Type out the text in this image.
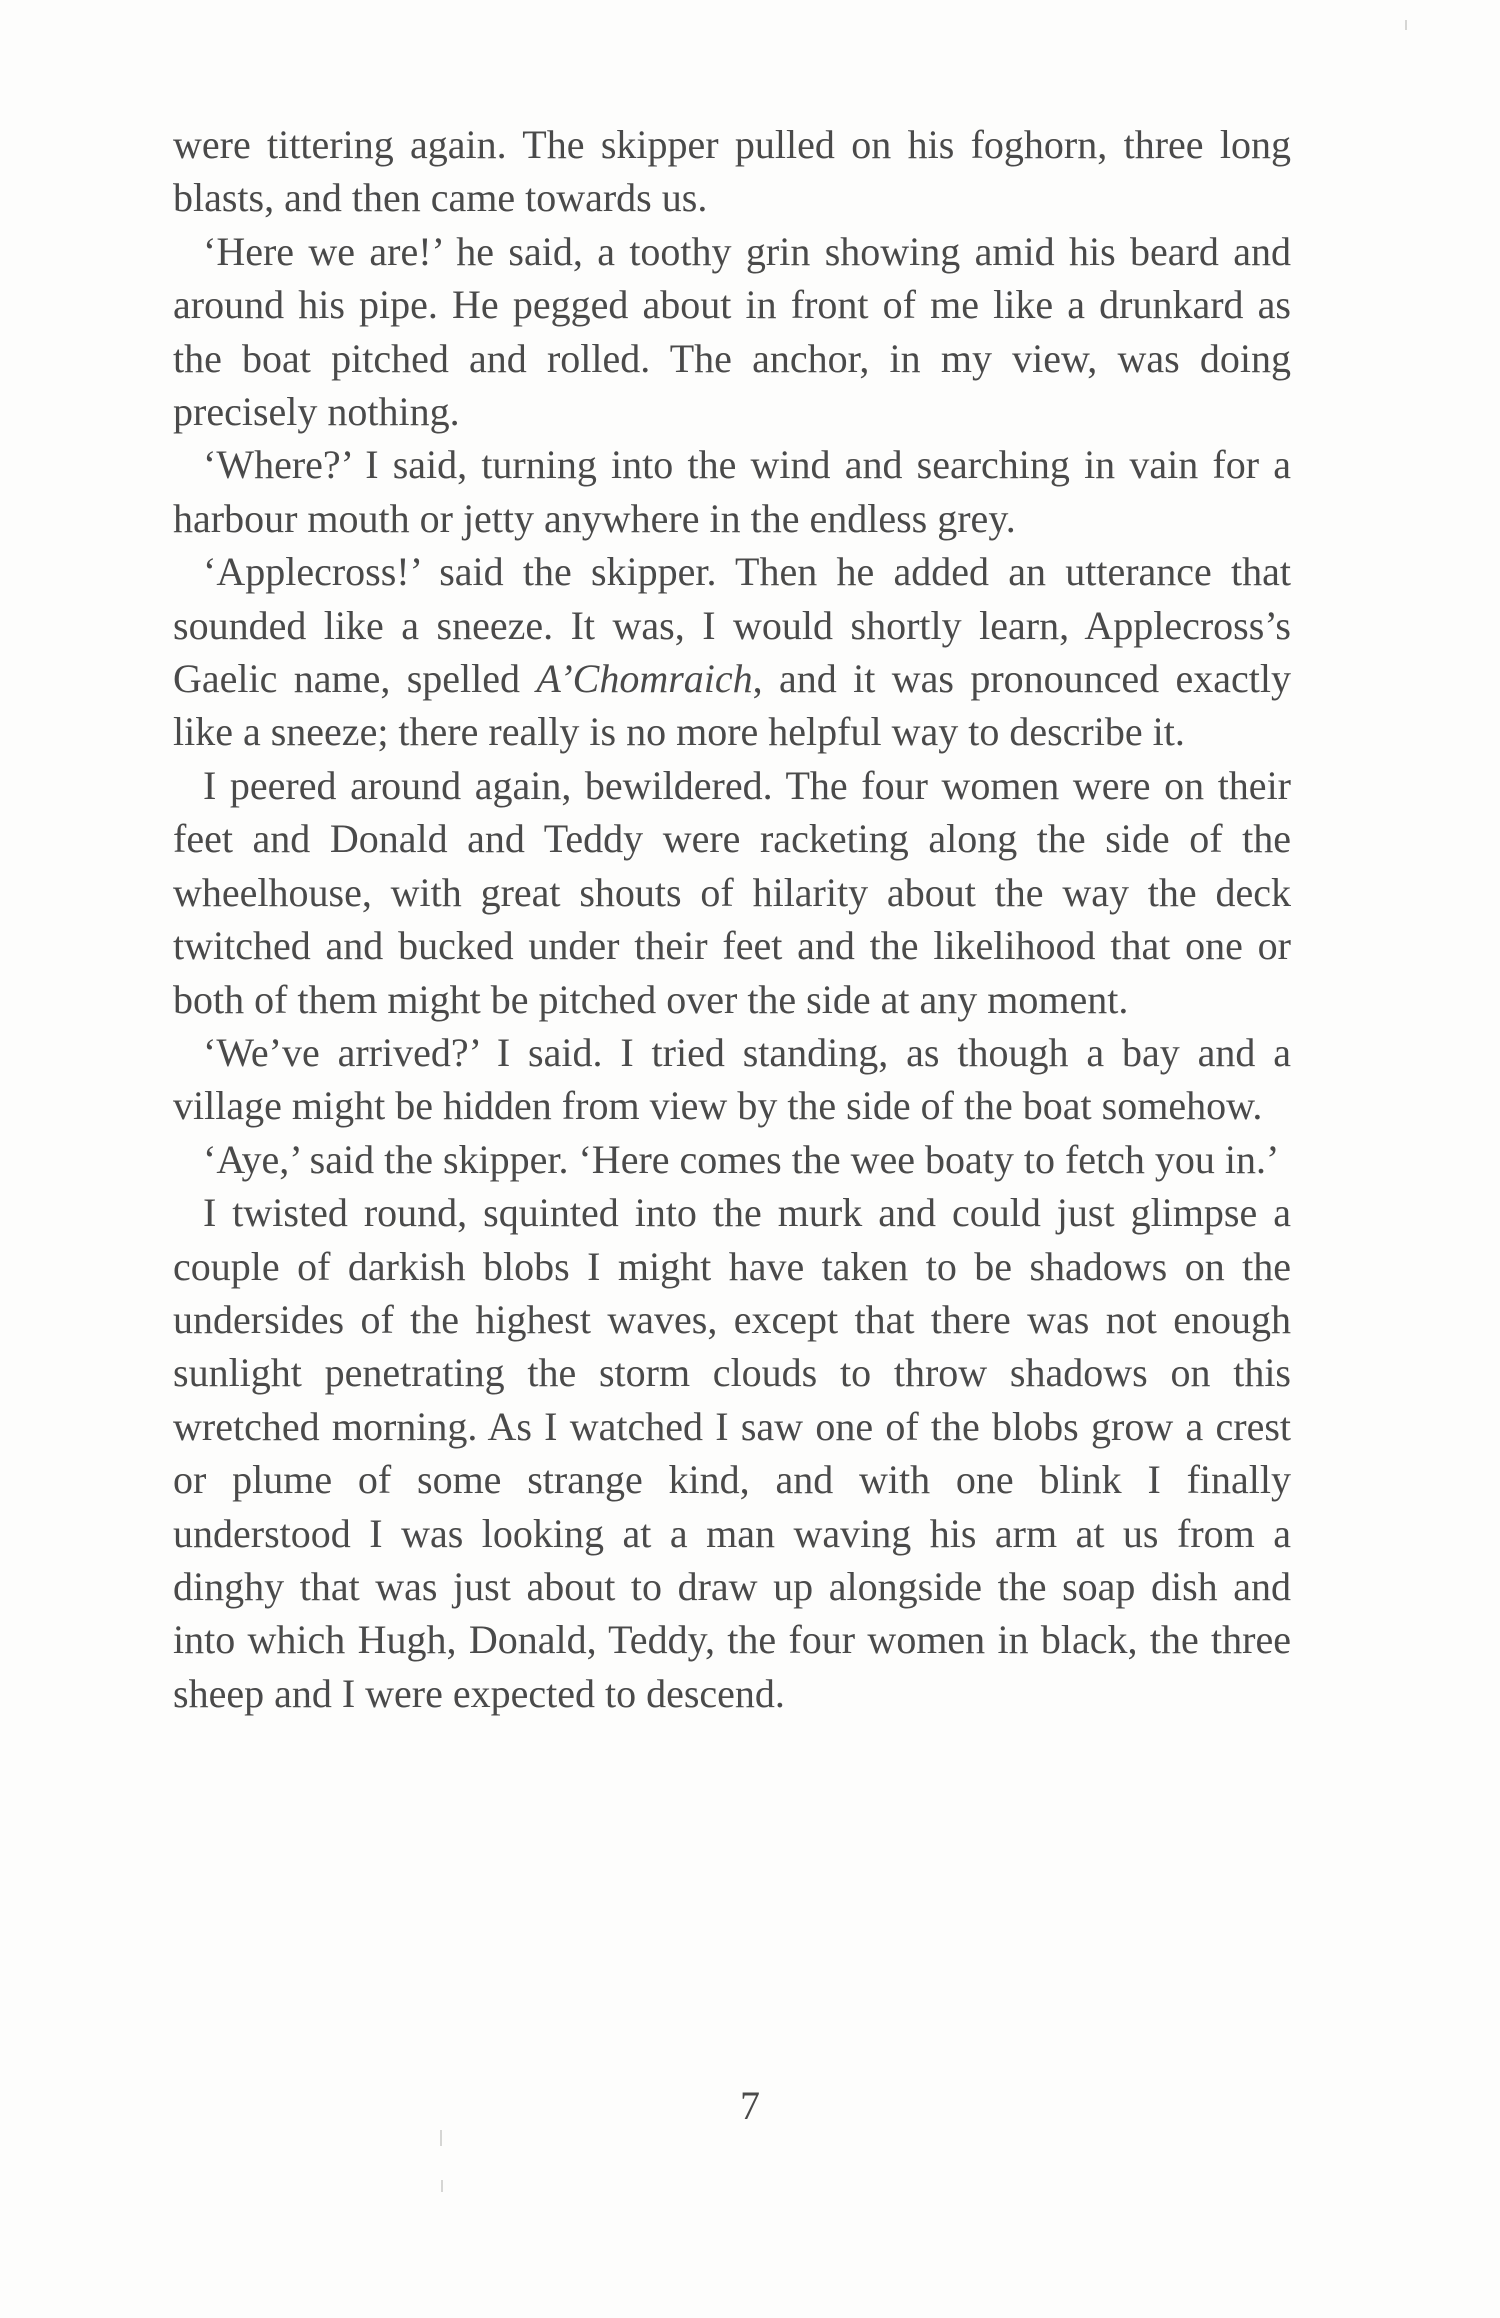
were tittering again. The skipper pulled on his foghorn, three long blasts, and then came towards us.

‘Here we are!’ he said, a toothy grin showing amid his beard and around his pipe. He pegged about in front of me like a drunkard as the boat pitched and rolled. The anchor, in my view, was doing precisely nothing.

‘Where?’ I said, turning into the wind and searching in vain for a harbour mouth or jetty anywhere in the endless grey.

‘Applecross!’ said the skipper. Then he added an utterance that sounded like a sneeze. It was, I would shortly learn, Applecross’s Gaelic name, spelled A’Chomraich, and it was pronounced exactly like a sneeze; there really is no more helpful way to describe it.

I peered around again, bewildered. The four women were on their feet and Donald and Teddy were racketing along the side of the wheelhouse, with great shouts of hilarity about the way the deck twitched and bucked under their feet and the likelihood that one or both of them might be pitched over the side at any moment.

‘We’ve arrived?’ I said. I tried standing, as though a bay and a village might be hidden from view by the side of the boat somehow.

‘Aye,’ said the skipper. ‘Here comes the wee boaty to fetch you in.’

I twisted round, squinted into the murk and could just glimpse a couple of darkish blobs I might have taken to be shadows on the undersides of the highest waves, except that there was not enough sunlight penetrating the storm clouds to throw shadows on this wretched morning. As I watched I saw one of the blobs grow a crest or plume of some strange kind, and with one blink I finally understood I was looking at a man waving his arm at us from a dinghy that was just about to draw up alongside the soap dish and into which Hugh, Donald, Teddy, the four women in black, the three sheep and I were expected to descend.

7
